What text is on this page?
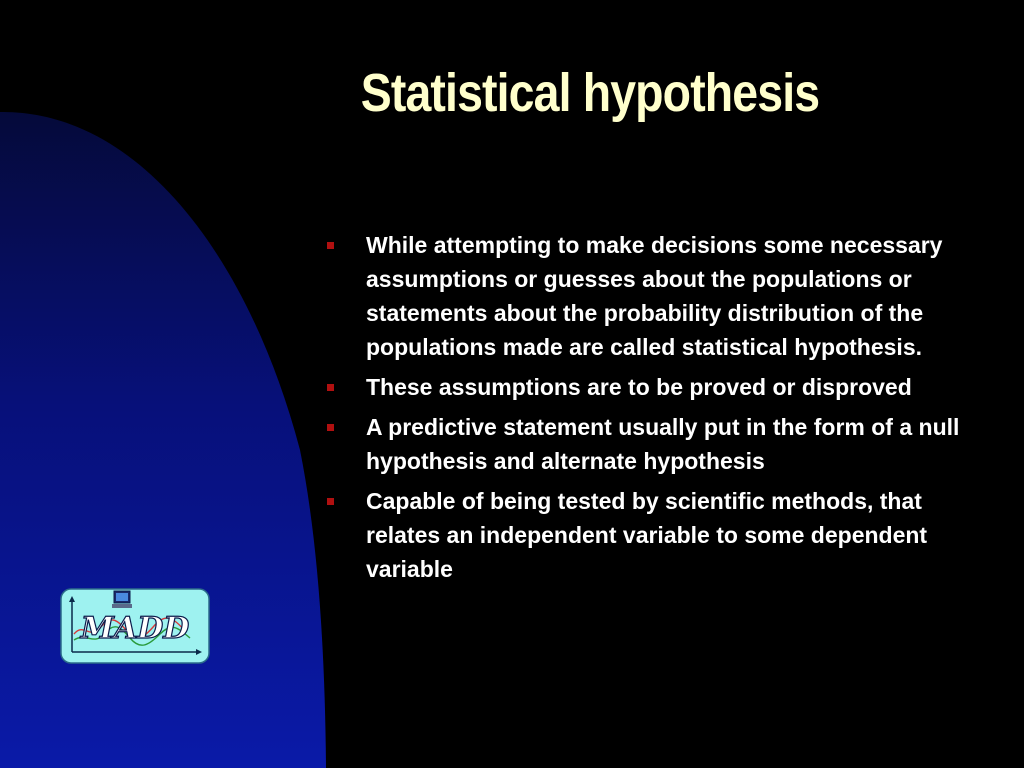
Statistical hypothesis
While attempting to make decisions some necessary assumptions or guesses about the populations or statements about the probability distribution of the populations made are called statistical hypothesis.
These assumptions are to be proved or disproved
A predictive statement usually put in the form of a null hypothesis and alternate hypothesis
Capable of being tested by scientific methods, that relates an independent variable to some dependent variable
MADD
